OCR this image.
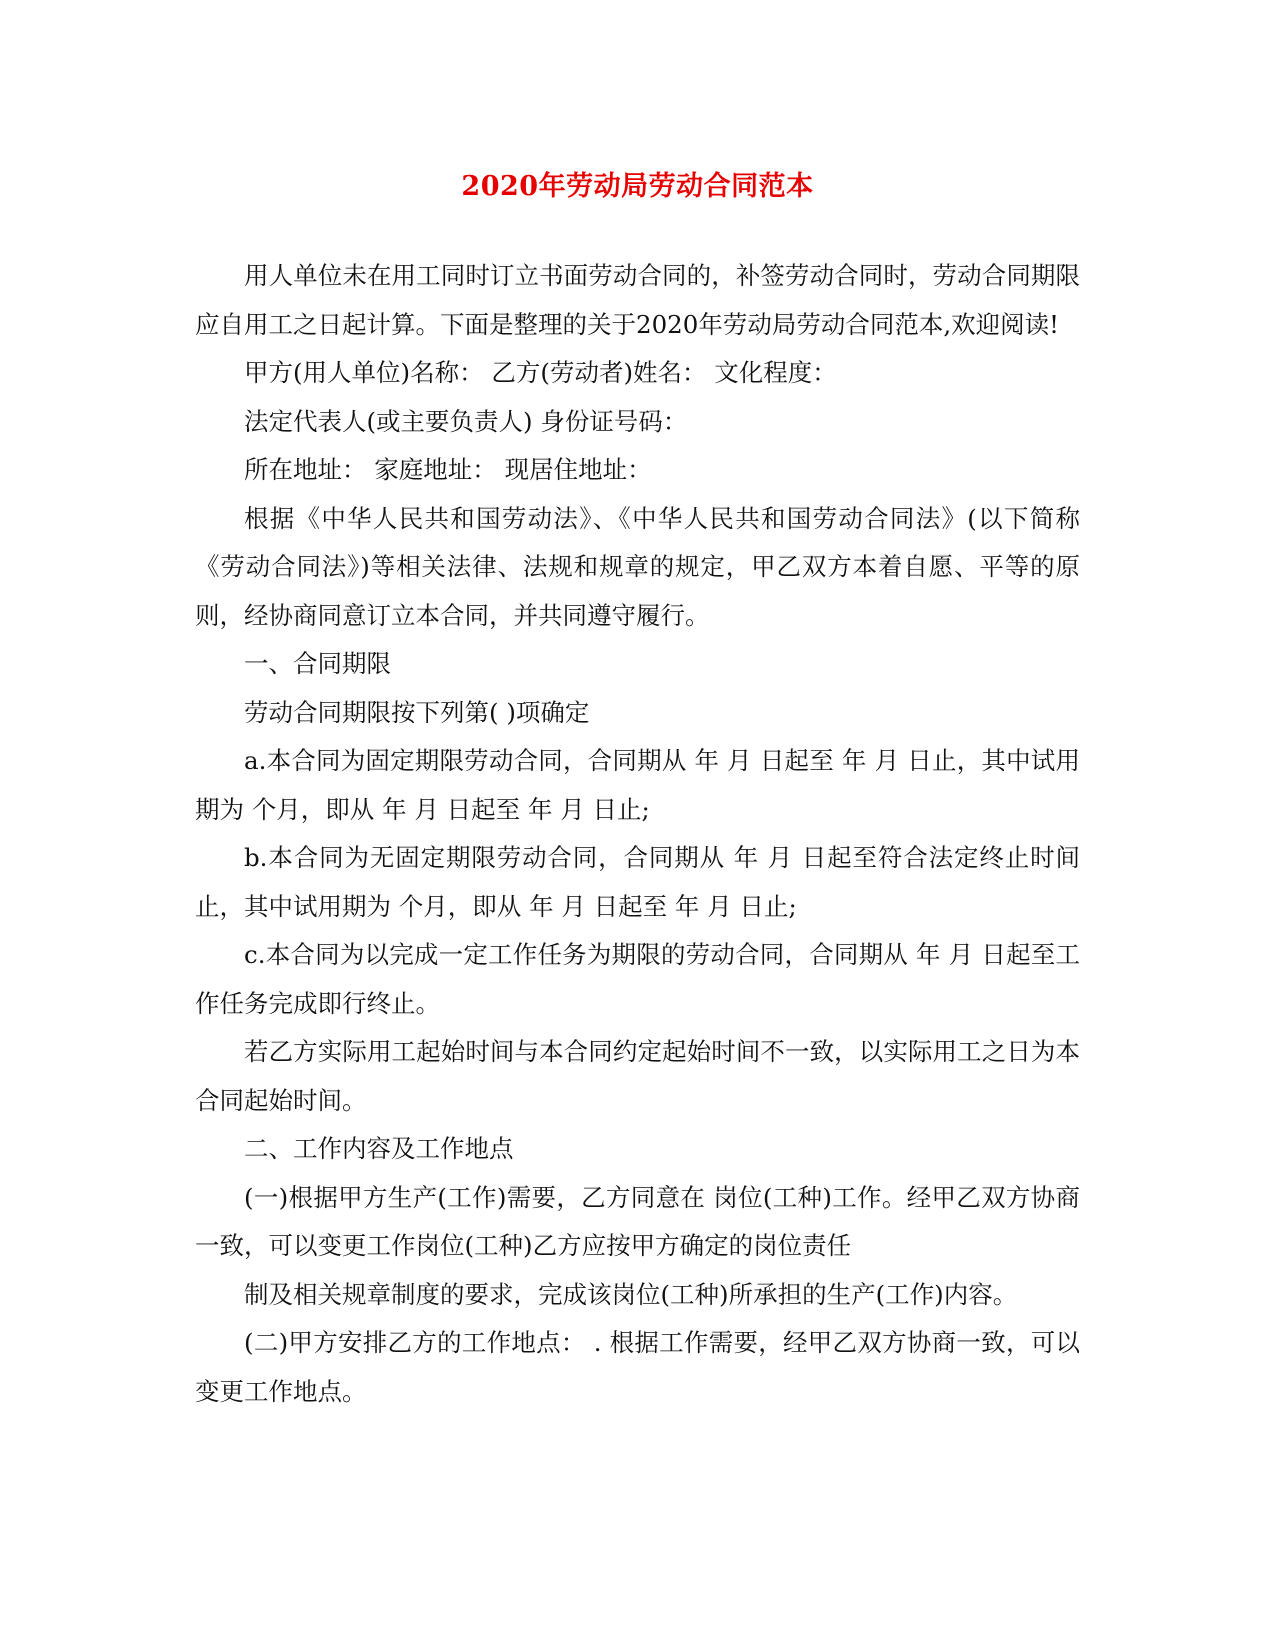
2020年劳动局劳动合同范本

用人单位未在用工同时订立书面劳动合同的，补签劳动合同时，劳动合同期限应自用工之日起计算。下面是整理的关于2020年劳动局劳动合同范本,欢迎阅读!

甲方(用人单位)名称： 乙方(劳动者)姓名： 文化程度：

法定代表人(或主要负责人) 身份证号码：

所在地址： 家庭地址： 现居住地址：

根据《中华人民共和国劳动法》、《中华人民共和国劳动合同法》(以下简称《劳动合同法》)等相关法律、法规和规章的规定，甲乙双方本着自愿、平等的原则，经协商同意订立本合同，并共同遵守履行。

一、合同期限

劳动合同期限按下列第( )项确定

a.本合同为固定期限劳动合同，合同期从 年 月 日起至 年 月 日止，其中试用期为 个月，即从 年 月 日起至 年 月 日止;

b.本合同为无固定期限劳动合同，合同期从 年 月 日起至符合法定终止时间止，其中试用期为 个月，即从 年 月 日起至 年 月 日止;

c.本合同为以完成一定工作任务为期限的劳动合同，合同期从 年 月 日起至工作任务完成即行终止。

若乙方实际用工起始时间与本合同约定起始时间不一致，以实际用工之日为本合同起始时间。

二、工作内容及工作地点

(一)根据甲方生产(工作)需要，乙方同意在 岗位(工种)工作。经甲乙双方协商一致，可以变更工作岗位(工种)乙方应按甲方确定的岗位责任

制及相关规章制度的要求，完成该岗位(工种)所承担的生产(工作)内容。

(二)甲方安排乙方的工作地点： . 根据工作需要，经甲乙双方协商一致，可以变更工作地点。
